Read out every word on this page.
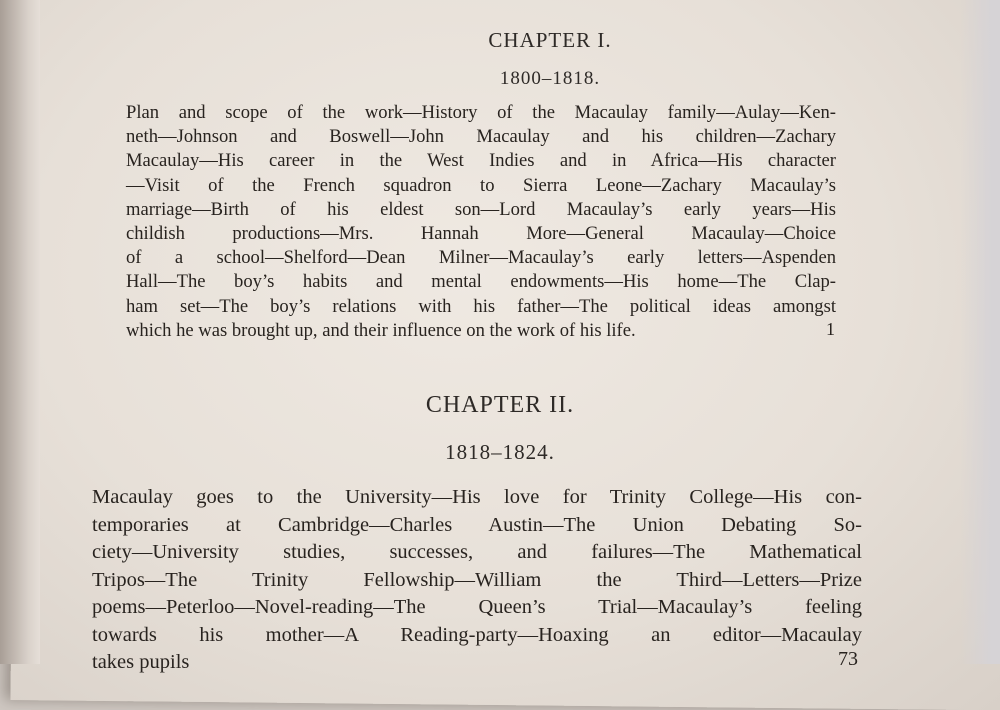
CHAPTER I.
1800–1818.
Plan and scope of the work—History of the Macaulay family—Aulay—Ken-
neth—Johnson and Boswell—John Macaulay and his children—Zachary
Macaulay—His career in the West Indies and in Africa—His character
—Visit of the French squadron to Sierra Leone—Zachary Macaulay’s
marriage—Birth of his eldest son—Lord Macaulay’s early years—His
childish productions—Mrs. Hannah More—General Macaulay—Choice
of a school—Shelford—Dean Milner—Macaulay’s early letters—Aspenden
Hall—The boy’s habits and mental endowments—His home—The Clap-
ham set—The boy’s relations with his father—The political ideas amongst
which he was brought up, and their influence on the work of his life.	1
CHAPTER II.
1818–1824.
Macaulay goes to the University—His love for Trinity College—His con-
temporaries at Cambridge—Charles Austin—The Union Debating So-
ciety—University studies, successes, and failures—The Mathematical
Tripos—The Trinity Fellowship—William the Third—Letters—Prize
poems—Peterloo—Novel-reading—The Queen’s Trial—Macaulay’s feeling
towards his mother—A Reading-party—Hoaxing an editor—Macaulay
takes pupils	73
